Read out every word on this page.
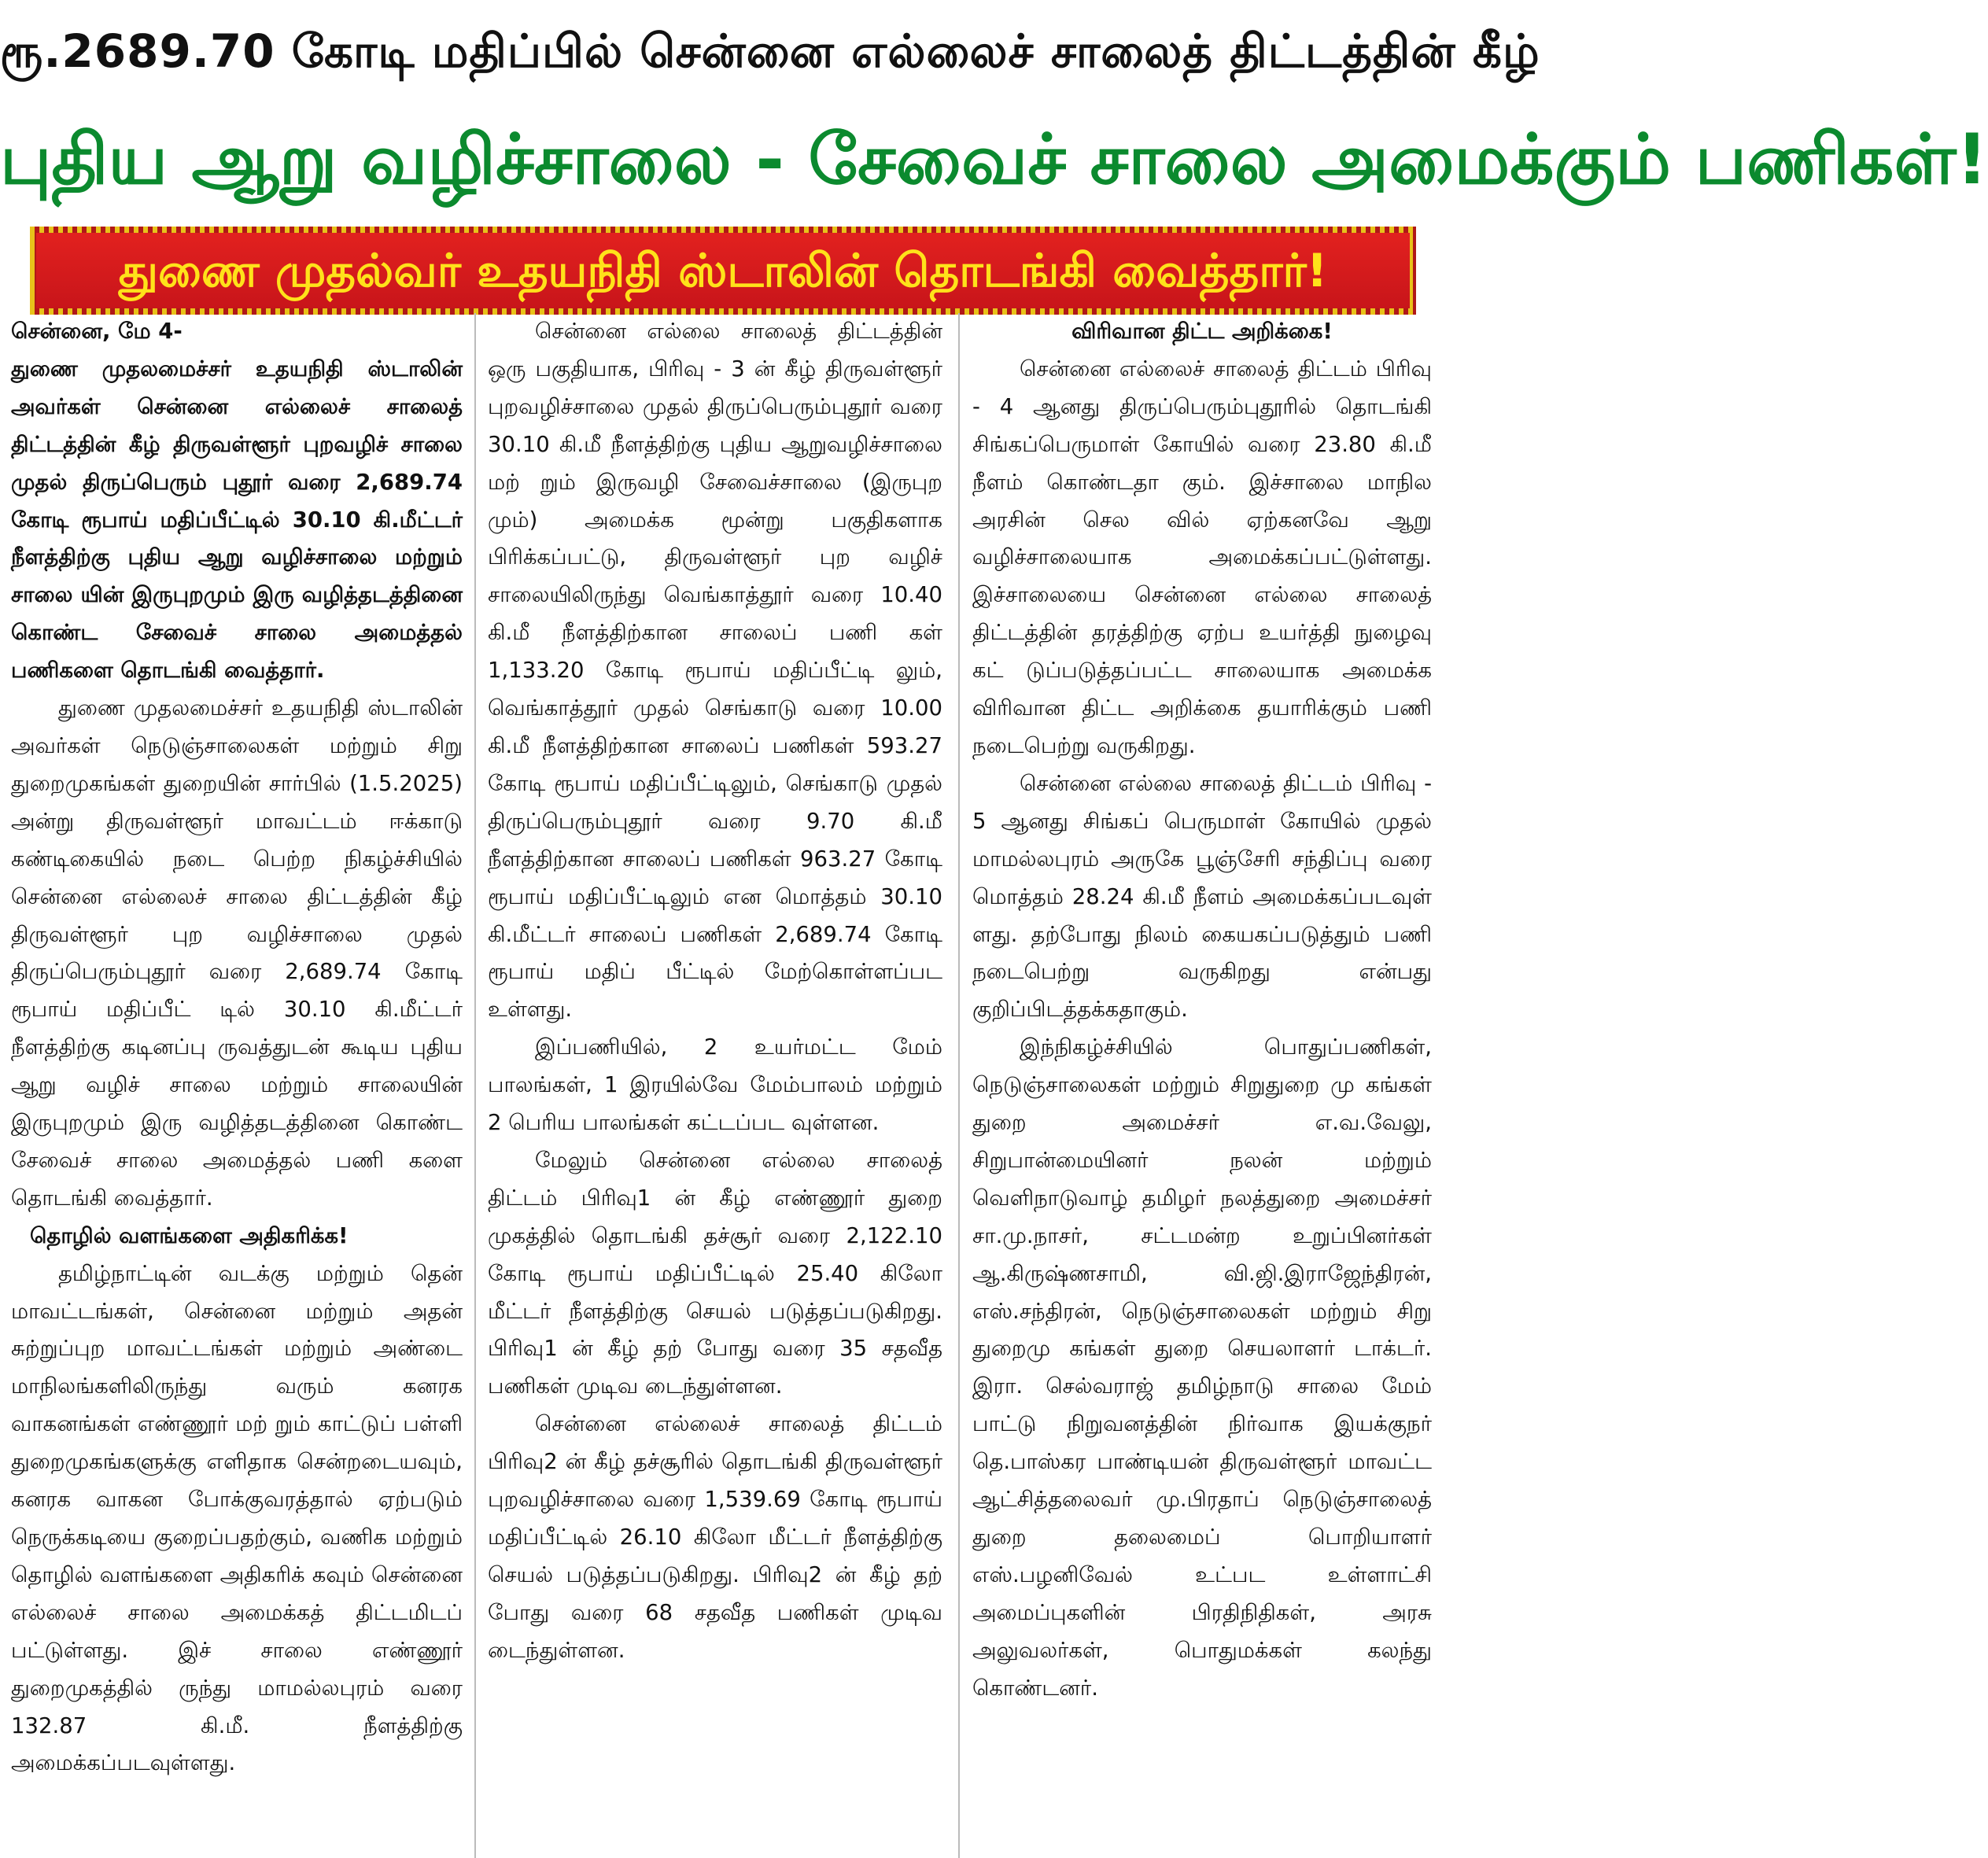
ரூ.2689.70 கோடி மதிப்பில் சென்னை எல்லைச் சாலைத் திட்டத்தின் கீழ்
புதிய ஆறு வழிச்சாலை - சேவைச் சாலை அமைக்கும் பணிகள்!
துணை முதல்வர் உதயநிதி ஸ்டாலின் தொடங்கி வைத்தார்!

சென்னை, மே 4-

துணை முதலமைச்சர் உதயநிதி ஸ்டாலின் அவர்கள் சென்னை எல்லைச் சாலைத் திட்டத்தின் கீழ் திருவள்ளூர் புறவழிச் சாலை முதல் திருப்பெரும் புதூர் வரை 2,689.74 கோடி ரூபாய் மதிப்பீட்டில் 30.10 கி.மீட்டர் நீளத்திற்கு புதிய ஆறு வழிச்சாலை மற்றும் சாலை யின் இருபுறமும் இரு வழித்தடத்தினை கொண்ட சேவைச் சாலை அமைத்தல் பணிகளை தொடங்கி வைத்தார்.

துணை முதலமைச்சர் உதயநிதி ஸ்டாலின் அவர்கள் நெடுஞ்சாலைகள் மற்றும் சிறு துறைமுகங்கள் துறையின் சார்பில் (1.5.2025) அன்று திருவள்ளூர் மாவட்டம் ஈக்காடு கண்டிகையில் நடை பெற்ற நிகழ்ச்சியில் சென்னை எல்லைச் சாலை திட்டத்தின் கீழ் திருவள்ளூர் புற வழிச்சாலை முதல் திருப்பெரும்புதூர் வரை 2,689.74 கோடி ரூபாய் மதிப்பீட் டில் 30.10 கி.மீட்டர் நீளத்திற்கு கடினப்பு ருவத்துடன் கூடிய புதிய ஆறு வழிச் சாலை மற்றும் சாலையின் இருபுறமும் இரு வழித்தடத்தினை கொண்ட சேவைச் சாலை அமைத்தல் பணி களை தொடங்கி வைத்தார்.

தொழில் வளங்களை அதிகரிக்க!

தமிழ்நாட்டின் வடக்கு மற்றும் தென் மாவட்டங்கள், சென்னை மற்றும் அதன் சுற்றுப்புற மாவட்டங்கள் மற்றும் அண்டை மாநிலங்களிலிருந்து வரும் கனரக வாகனங்கள் எண்ணூர் மற் றும் காட்டுப் பள்ளி துறைமுகங்களுக்கு எளிதாக சென்றடையவும், கனரக வாகன போக்குவரத்தால் ஏற்படும் நெருக்கடியை குறைப்பதற்கும், வணிக மற்றும் தொழில் வளங்களை அதிகரிக் கவும் சென்னை எல்லைச் சாலை அமைக்கத் திட்டமிடப் பட்டுள்ளது. இச் சாலை எண்ணூர் துறைமுகத்தில் ருந்து மாமல்லபுரம் வரை 132.87 கி.மீ. நீளத்திற்கு அமைக்கப்படவுள்ளது.

சென்னை எல்லை சாலைத் திட்டத்தின் ஒரு பகுதியாக, பிரிவு - 3 ன் கீழ் திருவள்ளூர் புறவழிச்சாலை முதல் திருப்பெரும்புதூர் வரை 30.10 கி.மீ நீளத்திற்கு புதிய ஆறுவழிச்சாலை மற் றும் இருவழி சேவைச்சாலை (இருபுற மும்) அமைக்க மூன்று பகுதிகளாக பிரிக்கப்பட்டு, திருவள்ளூர் புற வழிச் சாலையிலிருந்து வெங்காத்தூர் வரை 10.40 கி.மீ நீளத்திற்கான சாலைப் பணி கள் 1,133.20 கோடி ரூபாய் மதிப்பீட்டி லும், வெங்காத்தூர் முதல் செங்காடு வரை 10.00 கி.மீ நீளத்திற்கான சாலைப் பணிகள் 593.27 கோடி ரூபாய் மதிப்பீட்டிலும், செங்காடு முதல் திருப்பெரும்புதூர் வரை 9.70 கி.மீ நீளத்திற்கான சாலைப் பணிகள் 963.27 கோடி ரூபாய் மதிப்பீட்டிலும் என மொத்தம் 30.10 கி.மீட்டர் சாலைப் பணிகள் 2,689.74 கோடி ரூபாய் மதிப் பீட்டில் மேற்கொள்ளப்பட உள்ளது.

இப்பணியில், 2 உயர்மட்ட மேம் பாலங்கள், 1 இரயில்வே மேம்பாலம் மற்றும் 2 பெரிய பாலங்கள் கட்டப்பட வுள்ளன.

மேலும் சென்னை எல்லை சாலைத் திட்டம் பிரிவு1 ன் கீழ் எண்ணூர் துறை முகத்தில் தொடங்கி தச்சூர் வரை 2,122.10 கோடி ரூபாய் மதிப்பீட்டில் 25.40 கிலோ மீட்டர் நீளத்திற்கு செயல் படுத்தப்படுகிறது. பிரிவு1 ன் கீழ் தற் போது வரை 35 சதவீத பணிகள் முடிவ டைந்துள்ளன.

சென்னை எல்லைச் சாலைத் திட்டம் பிரிவு2 ன் கீழ் தச்சூரில் தொடங்கி திருவள்ளூர் புறவழிச்சாலை வரை 1,539.69 கோடி ரூபாய் மதிப்பீட்டில் 26.10 கிலோ மீட்டர் நீளத்திற்கு செயல் படுத்தப்படுகிறது. பிரிவு2 ன் கீழ் தற் போது வரை 68 சதவீத பணிகள் முடிவ டைந்துள்ளன.

விரிவான திட்ட அறிக்கை!

சென்னை எல்லைச் சாலைத் திட்டம் பிரிவு - 4 ஆனது திருப்பெரும்புதூரில் தொடங்கி சிங்கப்பெருமாள் கோயில் வரை 23.80 கி.மீ நீளம் கொண்டதா கும். இச்சாலை மாநில அரசின் செல வில் ஏற்கனவே ஆறு வழிச்சாலையாக அமைக்கப்பட்டுள்ளது. இச்சாலையை சென்னை எல்லை சாலைத் திட்டத்தின் தரத்திற்கு ஏற்ப உயர்த்தி நுழைவு கட் டுப்படுத்தப்பட்ட சாலையாக அமைக்க விரிவான திட்ட அறிக்கை தயாரிக்கும் பணி நடைபெற்று வருகிறது.

சென்னை எல்லை சாலைத் திட்டம் பிரிவு - 5 ஆனது சிங்கப் பெருமாள் கோயில் முதல் மாமல்லபுரம் அருகே பூஞ்சேரி சந்திப்பு வரை மொத்தம் 28.24 கி.மீ நீளம் அமைக்கப்படவுள் ளது. தற்போது நிலம் கையகப்படுத்தும் பணி நடைபெற்று வருகிறது என்பது குறிப்பிடத்தக்கதாகும்.

இந்நிகழ்ச்சியில் பொதுப்பணிகள், நெடுஞ்சாலைகள் மற்றும் சிறுதுறை மு கங்கள் துறை அமைச்சர் எ.வ.வேலு, சிறுபான்மையினர் நலன் மற்றும் வெளிநாடுவாழ் தமிழர் நலத்துறை அமைச்சர் சா.மு.நாசர், சட்டமன்ற உறுப்பினர்கள் ஆ.கிருஷ்ணசாமி, வி.ஜி.இராஜேந்திரன், எஸ்.சந்திரன், நெடுஞ்சாலைகள் மற்றும் சிறு துறைமு கங்கள் துறை செயலாளர் டாக்டர். இரா. செல்வராஜ் தமிழ்நாடு சாலை மேம் பாட்டு நிறுவனத்தின் நிர்வாக இயக்குநர் தெ.பாஸ்கர பாண்டியன் திருவள்ளூர் மாவட்ட ஆட்சித்தலைவர் மு.பிரதாப் நெடுஞ்சாலைத் துறை தலைமைப் பொறியாளர் எஸ்.பழனிவேல் உட்பட உள்ளாட்சி அமைப்புகளின் பிரதிநிதிகள், அரசு அலுவலர்கள், பொதுமக்கள் கலந்து கொண்டனர்.
